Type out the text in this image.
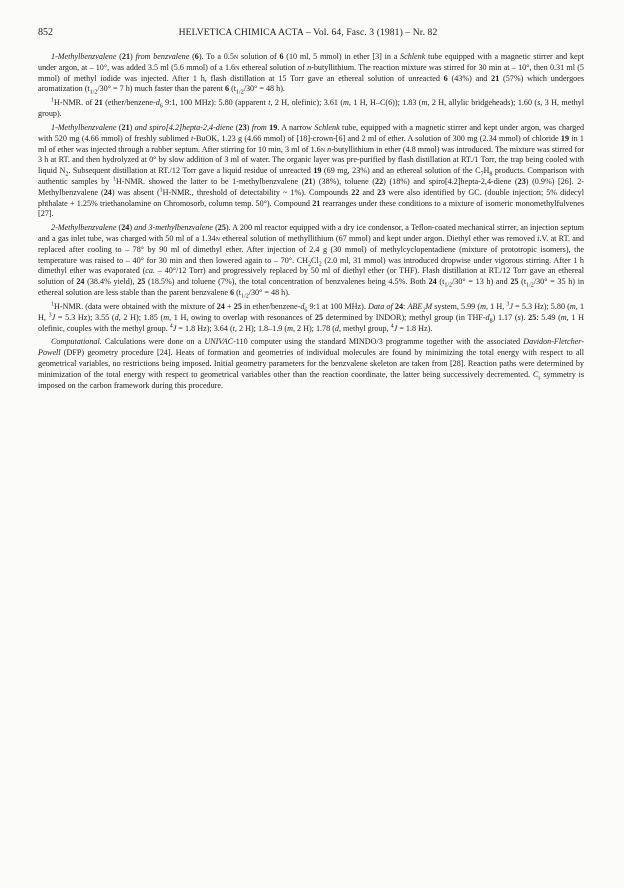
852	HELVETICA CHIMICA ACTA – Vol. 64, Fasc. 3 (1981) – Nr. 82

1-Methylbenzvalene (21) from benzvalene (6). To a 0.5n solution of 6 (10 ml, 5 mmol) in ether [3] in a Schlenk tube equipped with a magnetic stirrer and kept under argon, at – 10°, was added 3.5 ml (5.6 mmol) of a 1.6n ethereal solution of n-butyllithium. The reaction mixture was stirred for 30 min at – 10°, then 0.31 ml (5 mmol) of methyl iodide was injected. After 1 h, flash distillation at 15 Torr gave an ethereal solution of unreacted 6 (43%) and 21 (57%) which undergoes aromatization ($t_{1/2}/30^\circ = 7$ h) much faster than the parent 6 ($t_{1/2}/30^\circ = 48$ h).

$^1$H-NMR. of 21 ($ether/benzene-d_6$ 9:1, 100 MHz): 5.80 (apparent t, 2 H, olefinic); 3.61 (m, 1 H, H–C(6)); 1.83 (m, 2 H, allylic bridgeheads); 1.60 (s, 3 H, methyl group).

1-Methylbenzvalene (21) and spiro[4.2]hepta-2,4-diene (23) from 19. A narrow Schlenk tube, equipped with a magnetic stirrer and kept under argon, was charged with 520 mg (4.66 mmol) of freshly sublimed t-BuOK, 1.23 g (4.66 mmol) of [18]-crown-[6] and 2 ml of ether. A solution of 300 mg (2.34 mmol) of chloride 19 in 1 ml of ether was injected through a rubber septum. After stirring for 10 min, 3 ml of 1.6n n-butyllithium in ether (4.8 mmol) was introduced. The mixture was stirred for 3 h at RT. and then hydrolyzed at 0° by slow addition of 3 ml of water. The organic layer was pre-purified by flash distillation at RT./1 Torr, the trap being cooled with liquid $N_2$. Subsequent distillation at RT./12 Torr gave a liquid residue of unreacted 19 (69 mg, 23%) and an ethereal solution of the $C_7H_8$ products. Comparison with authentic samples by $^1$H-NMR. showed the latter to be 1-methylbenzvalene (21) (38%), toluene (22) (18%) and spiro[4.2]hepta-2,4-diene (23) (0.9%) [26]. 2-Methylbenzvalene (24) was absent ($^1$H-NMR., threshold of detectability ~ 1%). Compounds 22 and 23 were also identified by GC. (double injection; 5% didecyl phthalate + 1.25% triethanolamine on Chromosorb, column temp. 50°). Compound 21 rearranges under these conditions to a mixture of isomeric monomethylfulvenes [27].

2-Methylbenzvalene (24) and 3-methylbenzvalene (25). A 200 ml reactor equipped with a dry ice condensor, a Teflon-coated mechanical stirrer, an injection septum and a gas inlet tube, was charged with 50 ml of a 1.34n ethereal solution of methyllithium (67 mmol) and kept under argon. Diethyl ether was removed i.V. at RT. and replaced after cooling to – 78° by 90 ml of dimethyl ether. After injection of 2.4 g (30 mmol) of methylcyclopentadiene (mixture of prototropic isomers), the temperature was raised to – 40° for 30 min and then lowered again to – 70°. $CH_2Cl_2$ (2.0 ml, 31 mmol) was introduced dropwise under vigorous stirring. After 1 h dimethyl ether was evaporated (ca. – 40°/12 Torr) and progressively replaced by 50 ml of diethyl ether (or THF). Flash distillation at RT./12 Torr gave an ethereal solution of 24 (38.4% yield), 25 (18.5%) and toluene (7%), the total concentration of benzvalenes being 4.5%. Both 24 ($t_{1/2}/30^\circ = 13$ h) and 25 ($t_{1/2}/30^\circ = 35$ h) in ethereal solution are less stable than the parent benzvalene 6 ($t_{1/2}/30^\circ = 48$ h).

$^1$H-NMR. (data were obtained with the mixture of 24 + 25 in ether/$benzene-d_6$ 9:1 at 100 MHz). Data of 24: $ABE_2M$ system, 5.99 (m, 1 H, $^3$J = 5.3 Hz); 5.80 (m, 1 H, $^3$J = 5.3 Hz); 3.55 (d, 2 H); 1.85 (m, 1 H, owing to overlap with resonances of 25 determined by INDOR); methyl group (in THF-$d_8$) 1.17 (s). 25: 5.49 (m, 1 H olefinic, couples with the methyl group. $^4$J = 1.8 Hz); 3.64 (t, 2 H); 1.8–1.9 (m, 2 H); 1.78 (d, methyl group, $^4$J = 1.8 Hz).

Computational. Calculations were done on a UNIVAC-110 computer using the standard MINDO/3 programme together with the associated Davidon-Fletcher-Powell (DFP) geometry procedure [24]. Heats of formation and geometries of individual molecules are found by minimizing the total energy with respect to all geometrical variables, no restrictions being imposed. Initial geometry parameters for the benzvalene skeleton are taken from [28]. Reaction paths were determined by minimization of the total energy with respect to geometrical variables other than the reaction coordinate, the latter being successively decremented. $C_s$ symmetry is imposed on the carbon framework during this procedure.
